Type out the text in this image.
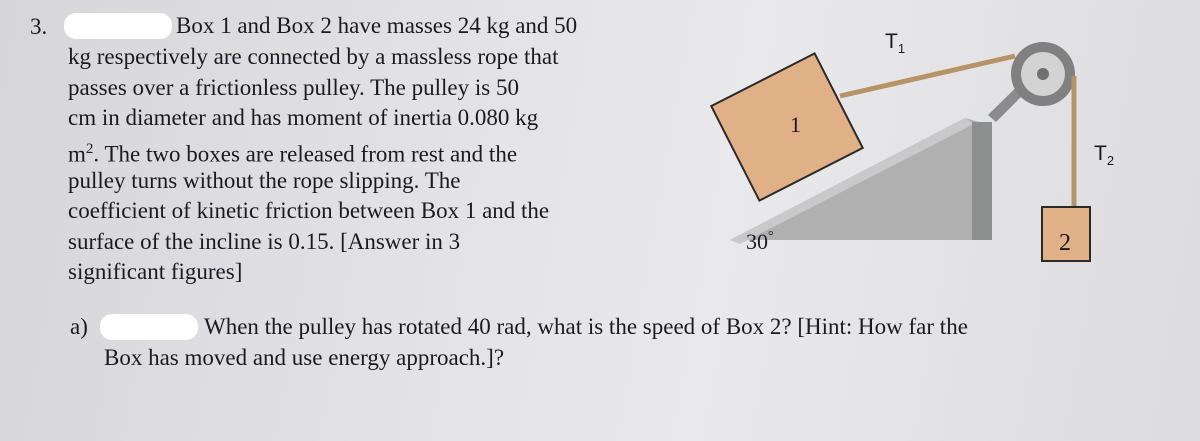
3.	Box 1 and Box 2 have masses 24 kg and 50
kg respectively are connected by a massless rope that
passes over a frictionless pulley. The pulley is 50
cm in diameter and has moment of inertia 0.080 kg
$m^2$. The two boxes are released from rest and the
pulley turns without the rope slipping. The
coefficient of kinetic friction between Box 1 and the
surface of the incline is 0.15. [Answer in 3
significant figures]
1
2
30°
$T_1$
$T_2$
a)	When the pulley has rotated 40 rad, what is the speed of Box 2? [Hint: How far the
Box has moved and use energy approach.]?
